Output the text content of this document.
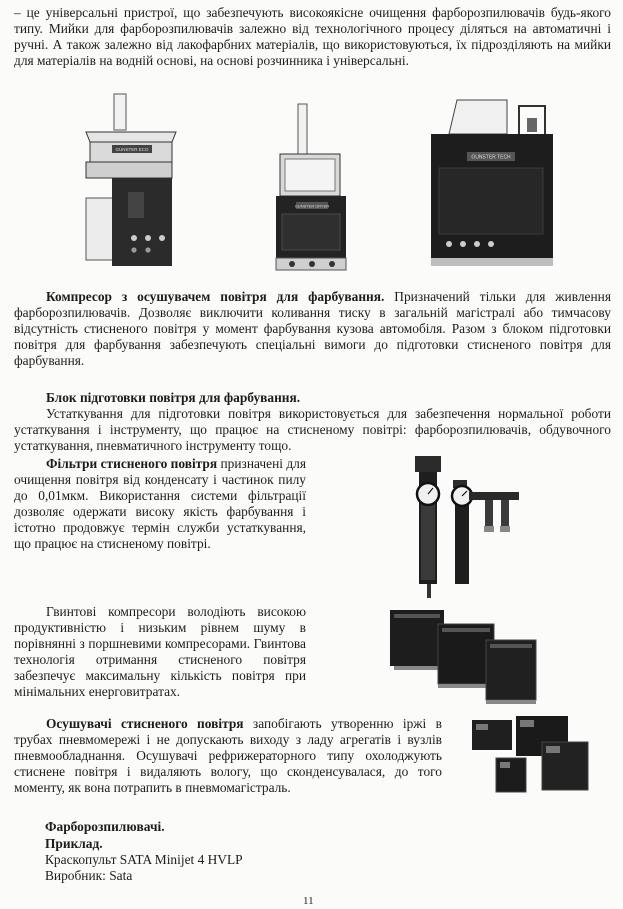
– це універсальні пристрої, що забезпечують високоякісне очищення фарборозпилювачів будь-якого типу. Мийки для фарборозпилювачів залежно від технологічного процесу діляться на автоматичні і ручні. А також залежно від лакофарбних матеріалів, що використовуються, їх підрозділяють на мийки для матеріалів на водній основі, на основі розчинника і універсальні.

GUNSTER ECO
GUNSTER DRYER
GUNSTER TECH

Компресор з осушувачем повітря для фарбування. Призначений тільки для живлення фарборозпилювачів. Дозволяє виключити коливання тиску в загальній магістралі або тимчасову відсутність стисненого повітря у момент фарбування кузова автомобіля. Разом з блоком підготовки повітря для фарбування забезпечують спеціальні вимоги до підготовки стисненого повітря для фарбування.

Блок підготовки повітря для фарбування.

Устаткування для підготовки повітря використовується для забезпечення нормальної роботи устаткування і інструменту, що працює на стисненому повітрі: фарборозпилювачів, обдувочного устаткування, пневматичного інструменту тощо.

Фільтри стисненого повітря призначені для очищення повітря від конденсату і частинок пилу до 0,01мкм. Використання системи фільтрації дозволяє одержати високу якість фарбування і істотно продовжує термін служби устаткування, що працює на стисненому повітрі.

Гвинтові компресори володіють високою продуктивністю і низьким рівнем шуму в порівнянні з поршневими компресорами. Гвинтова технологія отримання стисненого повітря забезпечує максимальну кількість повітря при мінімальних енерговитратах.

Осушувачі стисненого повітря запобігають утворенню іржі в трубах пневмомережі і не допускають виходу з ладу агрегатів і вузлів пневмообладнання. Осушувачі рефрижераторного типу охолоджують стиснене повітря і видаляють вологу, що сконденсувалася, до того моменту, як вона потрапить в пневмомагістраль.

Фарборозпилювачі.
Приклад.
Краскопульт SATA Minijet 4 HVLP
Виробник: Sata
11
